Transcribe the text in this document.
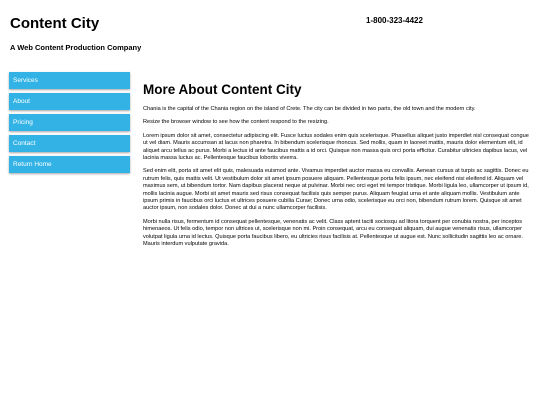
Content City	1-800-323-4422
A Web Content Production Company
Services
About
Pricing
Contact
Return Home
More About Content City

Chania is the capital of the Chania region on the island of Crete. The city can be divided in two parts, the old town and the modern city.

Resize the browser window to see how the content respond to the resizing.

Lorem ipsum dolor sit amet, consectetur adipiscing elit. Fusce luctus sodales enim quis scelerisque. Phasellus aliquet justo imperdiet nisl consequat congue ut vel diam. Mauris accumsan at lacus non pharetra. In bibendum scelerisque rhoncus. Sed mollis, quam in laoreet mattis, mauris dolor elementum elit, id aliquet arcu tellus ac purus. Morbi a lectus id ante faucibus mattis a id orci. Quisque non massa quis orci porta efficitur. Curabitur ultricies dapibus lacus, vel lacinia massa luctus ac. Pellentesque faucibus lobortis viverra.

Sed enim elit, porta sit amet elit quis, malesuada euismod ante. Vivamus imperdiet auctor massa eu convallis. Aenean cursus at turpis ac sagittis. Donec eu rutrum felis, quis mattis velit. Ut vestibulum dolor sit amet ipsum posuere aliquam. Pellentesque porta felis ipsum, nec eleifend nisi eleifend id. Aliquam vel maximus sem, ut bibendum tortor. Nam dapibus placerat neque at pulvinar. Morbi nec orci eget mi tempor tristique. Morbi ligula leo, ullamcorper ut ipsum id, mollis lacinia augue. Morbi sit amet mauris sed risus consequat facilisis quis semper purus. Aliquam feugiat urna et ante aliquam mollis. Vestibulum ante ipsum primis in faucibus orci luctus et ultrices posuere cubilia Curae; Donec urna odio, scelerisque eu orci non, bibendum rutrum lorem. Quisque sit amet auctor ipsum, non sodales dolor. Donec at dui a nunc ullamcorper facilisis.

Morbi nulla risus, fermentum id consequat pellentesque, venenatis ac velit. Class aptent taciti sociosqu ad litora torquent per conubia nostra, per inceptos himenaeos. Ut felis odio, tempor non ultrices ut, scelerisque non mi. Proin consequat, arcu eu consequat aliquam, dui augue venenatis risus, ullamcorper volutpat ligula urna id lectus. Quisque porta faucibus libero, eu ultricies risus facilisis at. Pellentesque ut augue est. Nunc sollicitudin sagittis leo ac ornare. Mauris interdum vulputate gravida.
